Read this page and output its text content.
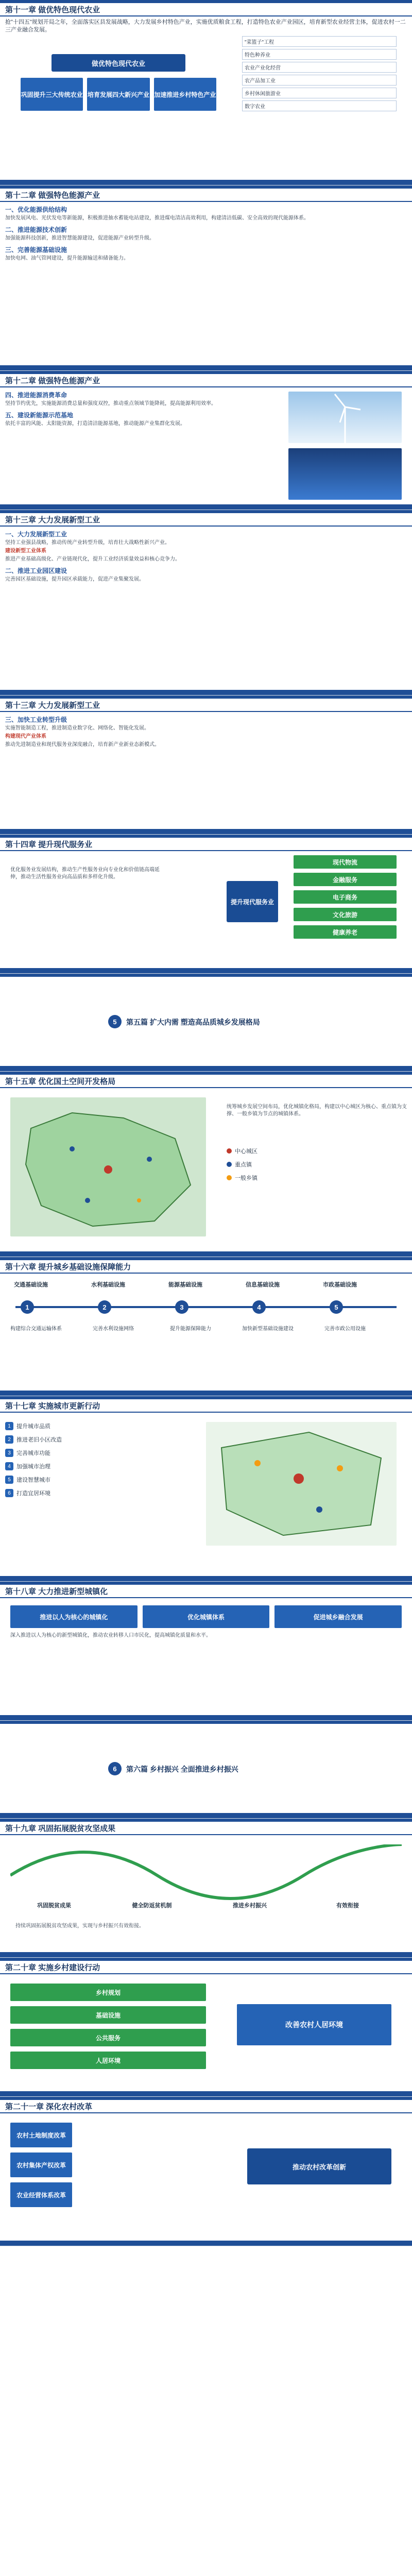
第十一章 做优特色现代农业
抢"十四五"规划开局之年，全面落实区县发展战略，大力发展乡村特色产业，实施优质粮食工程，打造特色农业产业园区，培育新型农业经营主体，促进农村一二三产业融合发展。
做优特色现代农业
巩固提升三大传统农业 培育发展四大新兴产业 加速推进乡村特色产业
"菜篮子"工程
特色种养业
农业产业化经营
农产品加工业
乡村休闲旅游业
数字农业
第十二章 做强特色能源产业
一、优化能源供给结构
加快发展风电、光伏发电等新能源，积极推进抽水蓄能电站建设，推进煤电清洁高效利用，构建清洁低碳、安全高效的现代能源体系。
二、推进能源技术创新
加强能源科技创新，推进智慧能源建设，促进能源产业转型升级。
三、完善能源基础设施
加快电网、油气管网建设，提升能源输送和储备能力。
第十二章 做强特色能源产业
四、推进能源消费革命
坚持节约优先，实施能源消费总量和强度双控，推动重点领域节能降耗，提高能源利用效率。
五、建设新能源示范基地
依托丰富的风能、太阳能资源，打造清洁能源基地，推动能源产业集群化发展。
第十三章 大力发展新型工业
一、大力发展新型工业
坚持工业强县战略，推动传统产业转型升级，培育壮大战略性新兴产业。
建设新型工业体系
推进产业基础高级化、产业链现代化，提升工业经济质量效益和核心竞争力。
二、推进工业园区建设
完善园区基础设施，提升园区承载能力，促进产业集聚发展。
第十三章 大力发展新型工业
三、加快工业转型升级
实施智能制造工程，推进制造业数字化、网络化、智能化发展。
构建现代产业体系
推动先进制造业和现代服务业深度融合，培育新产业新业态新模式。
第十四章 提升现代服务业
优化服务业发展结构，推动生产性服务业向专业化和价值链高端延伸，推动生活性服务业向高品质和多样化升级。
提升现代服务业
现代物流
金融服务
电子商务
文化旅游
健康养老
5	第五篇 扩大内需 塑造高品质城乡发展格局
第十五章 优化国土空间开发格局
统筹城乡发展空间布局，优化城镇化格局，构建以中心城区为核心、重点镇为支撑、一般乡镇为节点的城镇体系。
中心城区
重点镇
一般乡镇
第十六章 提升城乡基础设施保障能力
1	2	3	4	5
交通基础设施	水利基础设施	能源基础设施	信息基础设施	市政基础设施
构建综合交通运输体系	完善水利设施网络	提升能源保障能力	加快新型基础设施建设	完善市政公用设施
第十七章 实施城市更新行动
1	提升城市品质
2	推进老旧小区改造
3	完善城市功能
4	加强城市治理
5	建设智慧城市
6	打造宜居环境
第十八章 大力推进新型城镇化
推进以人为核心的城镇化	优化城镇体系	促进城乡融合发展
深入推进以人为核心的新型城镇化，推动农业转移人口市民化，提高城镇化质量和水平。
6	第六篇 乡村振兴 全面推进乡村振兴
第十九章 巩固拓展脱贫攻坚成果
巩固脱贫成果	健全防返贫机制	推进乡村振兴	有效衔接
持续巩固拓展脱贫攻坚成果，实现与乡村振兴有效衔接。
第二十章 实施乡村建设行动
乡村规划
基础设施
公共服务
人居环境
改善农村人居环境
第二十一章 深化农村改革
农村土地制度改革
农村集体产权改革
农业经营体系改革
推动农村改革创新
